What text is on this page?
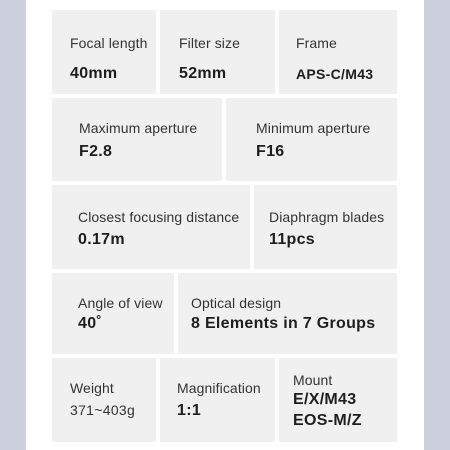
Focal length
40mm
Filter size
52mm
Frame
APS-C/M43
Maximum aperture
F2.8
Minimum aperture
F16
Closest focusing distance
0.17m
Diaphragm blades
11pcs
Angle of view
40˚
Optical design
8 Elements in 7 Groups
Weight
371~403g
Magnification
1:1
Mount
E/X/M43
EOS-M/Z
